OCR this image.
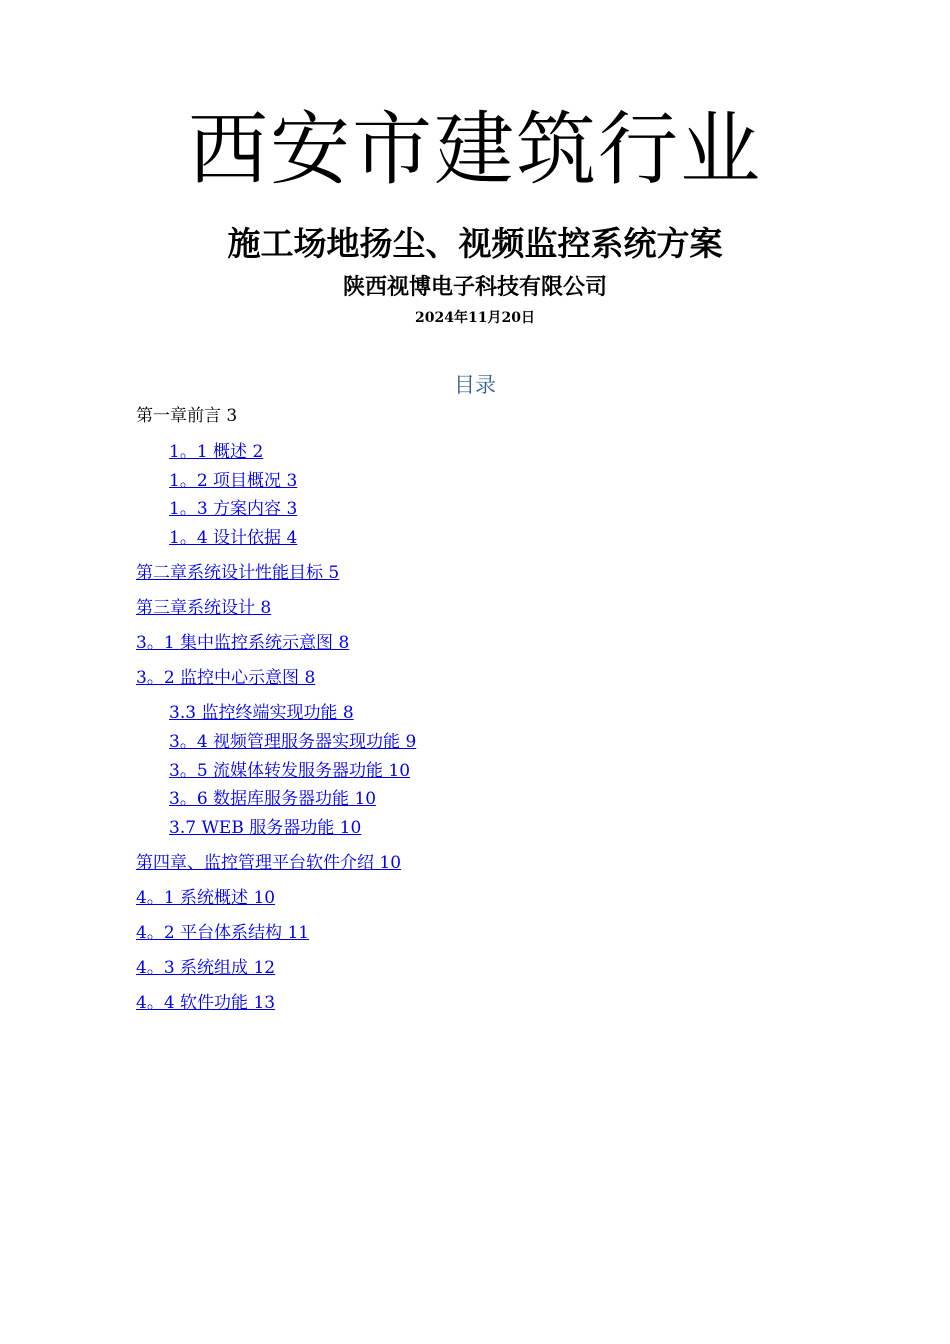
西安市建筑行业
施工场地扬尘、视频监控系统方案
陕西视博电子科技有限公司
2024年11月20日
目录
第一章前言 3
1。1 概述 2
1。2 项目概况 3
1。3 方案内容 3
1。4 设计依据 4
第二章系统设计性能目标 5
第三章系统设计 8
3。1 集中监控系统示意图 8
3。2 监控中心示意图 8
3.3 监控终端实现功能 8
3。4 视频管理服务器实现功能 9
3。5 流媒体转发服务器功能 10
3。6 数据库服务器功能 10
3.7 WEB 服务器功能 10
第四章、监控管理平台软件介绍 10
4。1 系统概述 10
4。2 平台体系结构 11
4。3 系统组成 12
4。4 软件功能 13
